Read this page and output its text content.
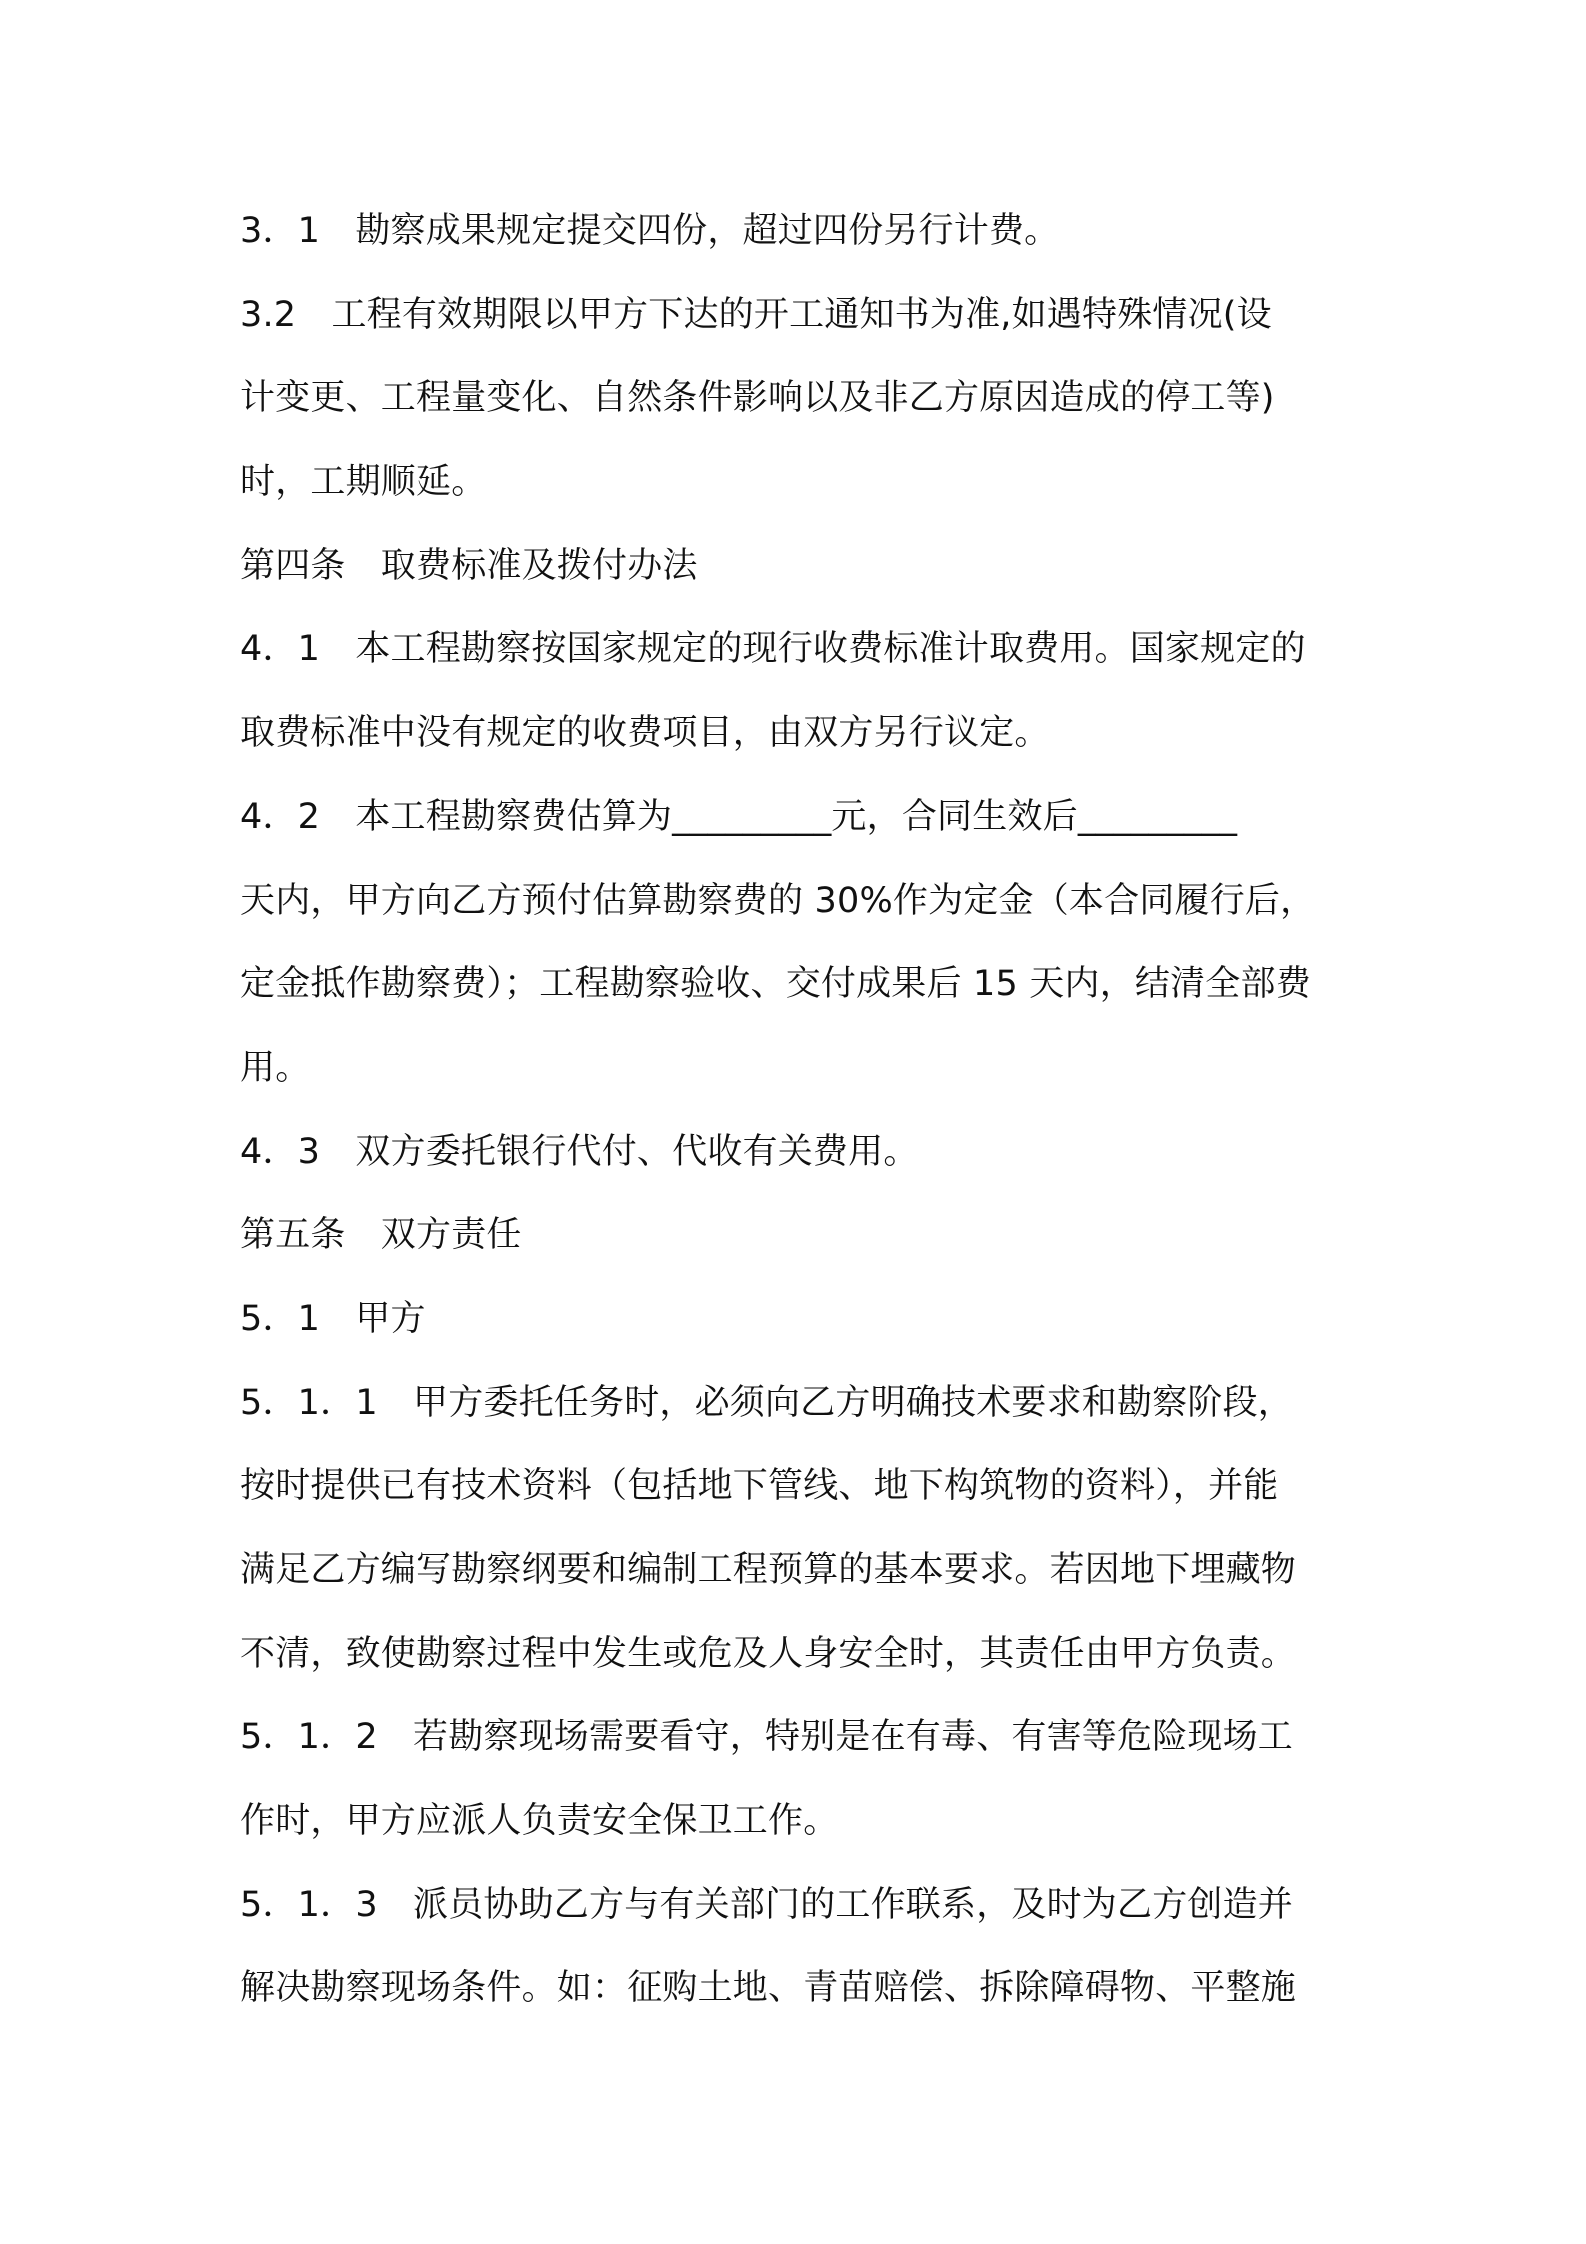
3．1　勘察成果规定提交四份，超过四份另行计费。
3.2　工程有效期限以甲方下达的开工通知书为准,如遇特殊情况(设
计变更、工程量变化、自然条件影响以及非乙方原因造成的停工等)
时，工期顺延。
第四条　取费标准及拨付办法
4．1　本工程勘察按国家规定的现行收费标准计取费用。国家规定的
取费标准中没有规定的收费项目，由双方另行议定。
4．2　本工程勘察费估算为_________元，合同生效后_________
天内，甲方向乙方预付估算勘察费的 30%作为定金（本合同履行后，
定金抵作勘察费）；工程勘察验收、交付成果后 15 天内，结清全部费
用。
4．3　双方委托银行代付、代收有关费用。
第五条　双方责任
5．1　甲方
5．1．1　甲方委托任务时，必须向乙方明确技术要求和勘察阶段，
按时提供已有技术资料（包括地下管线、地下构筑物的资料），并能
满足乙方编写勘察纲要和编制工程预算的基本要求。若因地下埋藏物
不清，致使勘察过程中发生或危及人身安全时，其责任由甲方负责。
5．1．2　若勘察现场需要看守，特别是在有毒、有害等危险现场工
作时，甲方应派人负责安全保卫工作。
5．1．3　派员协助乙方与有关部门的工作联系，及时为乙方创造并
解决勘察现场条件。如：征购土地、青苗赔偿、拆除障碍物、平整施
